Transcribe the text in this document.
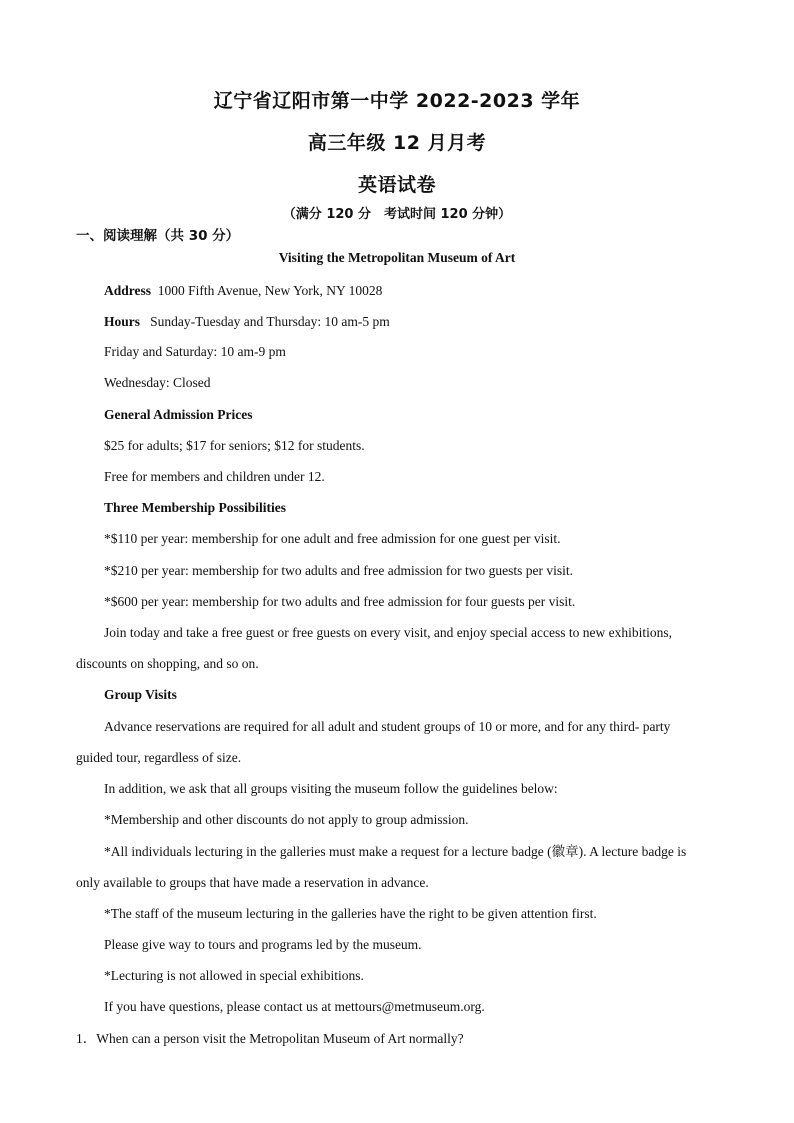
辽宁省辽阳市第一中学 2022-2023 学年
高三年级 12 月月考
英语试卷
（满分 120 分　考试时间 120 分钟）
一、阅读理解（共 30 分）
Visiting the Metropolitan Museum of Art
Address 1000 Fifth Avenue, New York, NY 10028
Hours Sunday-Tuesday and Thursday: 10 am-5 pm
Friday and Saturday: 10 am-9 pm
Wednesday: Closed
General Admission Prices
$25 for adults; $17 for seniors; $12 for students.
Free for members and children under 12.
Three Membership Possibilities
*$110 per year: membership for one adult and free admission for one guest per visit.
*$210 per year: membership for two adults and free admission for two guests per visit.
*$600 per year: membership for two adults and free admission for four guests per visit.
Join today and take a free guest or free guests on every visit, and enjoy special access to new exhibitions,
discounts on shopping, and so on.
Group Visits
Advance reservations are required for all adult and student groups of 10 or more, and for any third- party
guided tour, regardless of size.
In addition, we ask that all groups visiting the museum follow the guidelines below:
*Membership and other discounts do not apply to group admission.
*All individuals lecturing in the galleries must make a request for a lecture badge (徽章). A lecture badge is
only available to groups that have made a reservation in advance.
*The staff of the museum lecturing in the galleries have the right to be given attention first.
Please give way to tours and programs led by the museum.
*Lecturing is not allowed in special exhibitions.
If you have questions, please contact us at mettours@metmuseum.org.
1．When can a person visit the Metropolitan Museum of Art normally?
